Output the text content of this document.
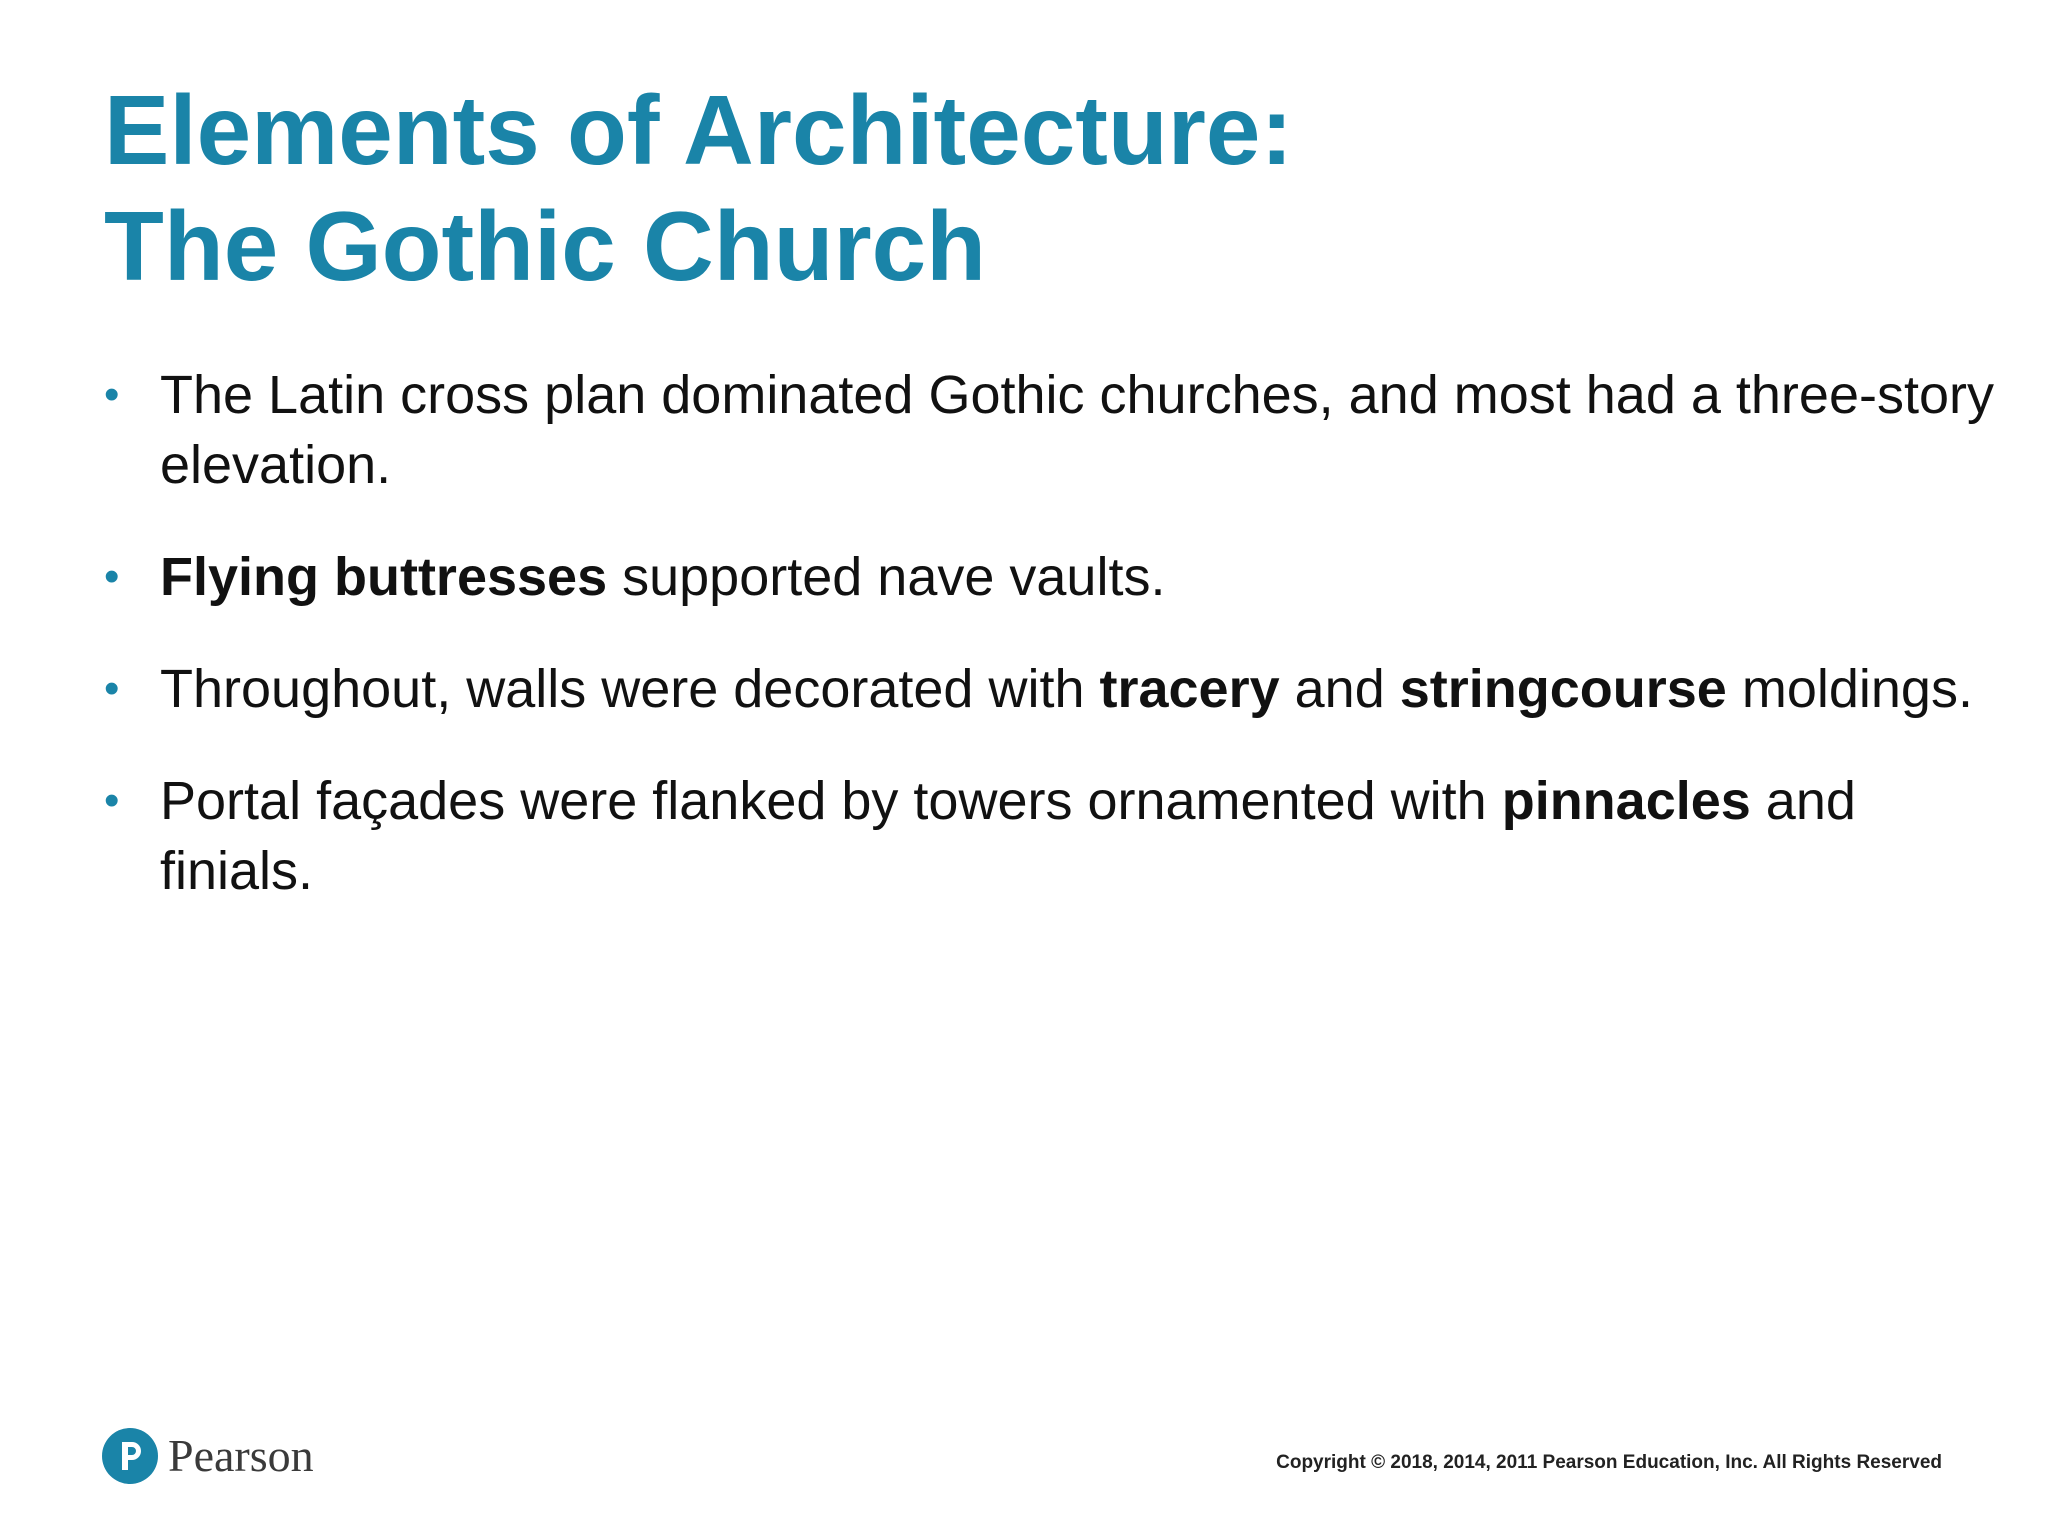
Elements of Architecture:
The Gothic Church
• The Latin cross plan dominated Gothic churches, and most had a three-story elevation.
• Flying buttresses supported nave vaults.
• Throughout, walls were decorated with tracery and stringcourse moldings.
• Portal façades were flanked by towers ornamented with pinnacles and finials.
Pearson	Copyright © 2018, 2014, 2011 Pearson Education, Inc. All Rights Reserved
